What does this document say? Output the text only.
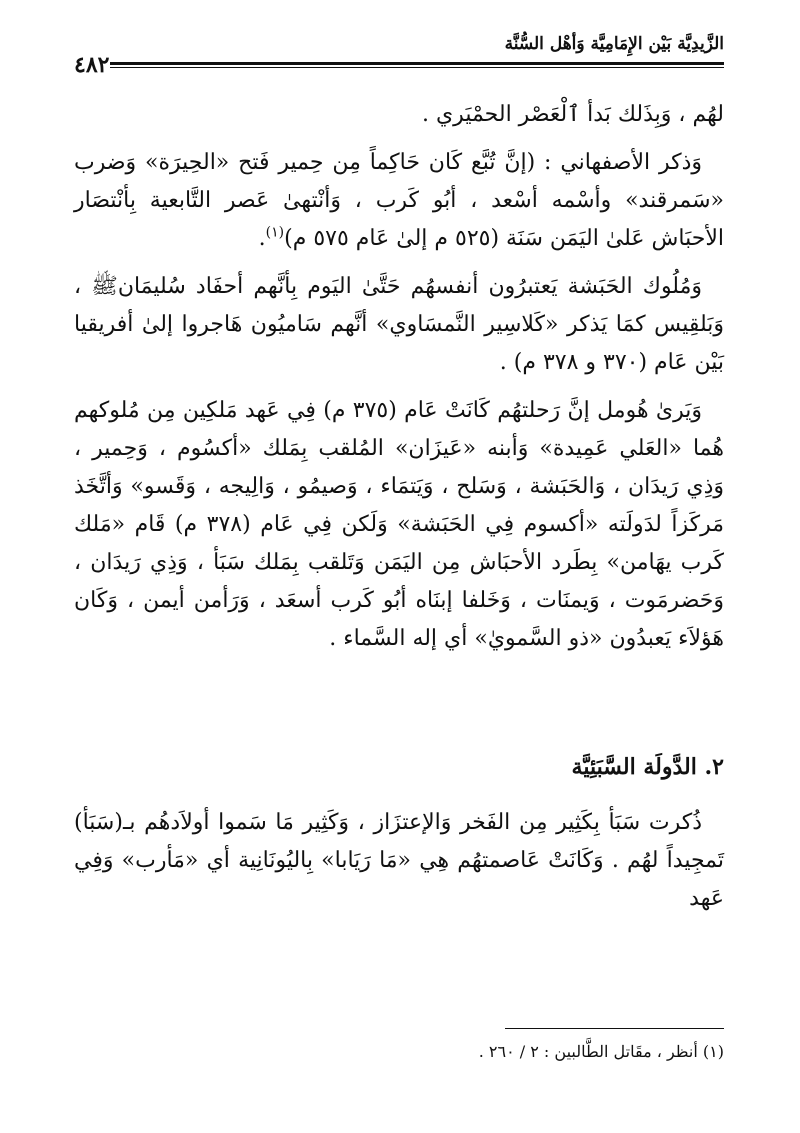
الزَّيدِيَّة بَيْن الإِمَامِيَّة وَأهْل السُّنَّة
٤٨٢

لهُم ، وَبِذَلك بَدأ ٱلْعَصْر الحمْيَري .

وَذكر الأصفهاني : (إنَّ تُبَّع كَان حَاكِماً مِن حِمير فَتح «الحِيرَة» وَضرب «سَمرقند» وأسْمه أسْعد ، أبُو كَرب ، وَأنْتهىٰ عَصر التَّابعية بِأنْتصَار الأحبَاش عَلىٰ اليَمَن سَنَة (٥٢٥ م إلىٰ عَام ٥٧٥ م)$^{(١)}$.

وَمُلُوك الحَبَشة يَعتبرُون أنفسهُم حَتَّىٰ اليَوم بِأنَّهم أحفَاد سُليمَانﷺ ، وَبَلقِيس كمَا يَذكر «كَلاسِير النَّمسَاوي» أنَّهم سَاميُون هَاجروا إلىٰ أفريقيا بَيْن عَام (٣٧٠ و ٣٧٨ م) .

وَيَرىٰ هُومل إنَّ رَحلتهُم كَانَتْ عَام (٣٧٥ م) فِي عَهد مَلكِين مِن مُلوكهم هُما «العَلي عَمِيدة» وَأبنه «عَيزَان» المُلقب بِمَلك «أكسُوم ، وَحِمير ، وَذِي رَيدَان ، وَالحَبَشة ، وَسَلح ، وَيَتمَاء ، وَصيمُو ، وَالِيجه ، وَقَسو» وَأتَّخَذ مَركَزاً لدَولَته «أكسوم فِي الحَبَشة» وَلَكن فِي عَام (٣٧٨ م) قَام «مَلك كَرب يهَامن» بِطَرد الأحبَاش مِن اليَمَن وَتَلقب بِمَلك سَبَأ ، وَذِي رَيدَان ، وَحَضرمَوت ، وَيمنَات ، وَخَلفا إبنَاه أبُو كَرب أسعَد ، وَرَأمن أيمن ، وَكَان هَؤلاَء يَعبدُون «ذو السَّمويٰ» أي إله السَّماء .

٢. الدَّولَة السَّبَئِيَّة

ذُكرت سَبَأ بِكَثِير مِن الفَخر وَالإعتزَاز ، وَكَثِير مَا سَموا أولاَدهُم بـ(سَبَأ) تَمجِيداً لهُم . وَكَانَتْ عَاصمتهُم هِي «مَا رَيَابا» بِاليُونَانِية أي «مَأرب» وَفِي عَهد

(١) أنظر ، مقَاتل الطَّالبين : ٢ / ٢٦٠ .
